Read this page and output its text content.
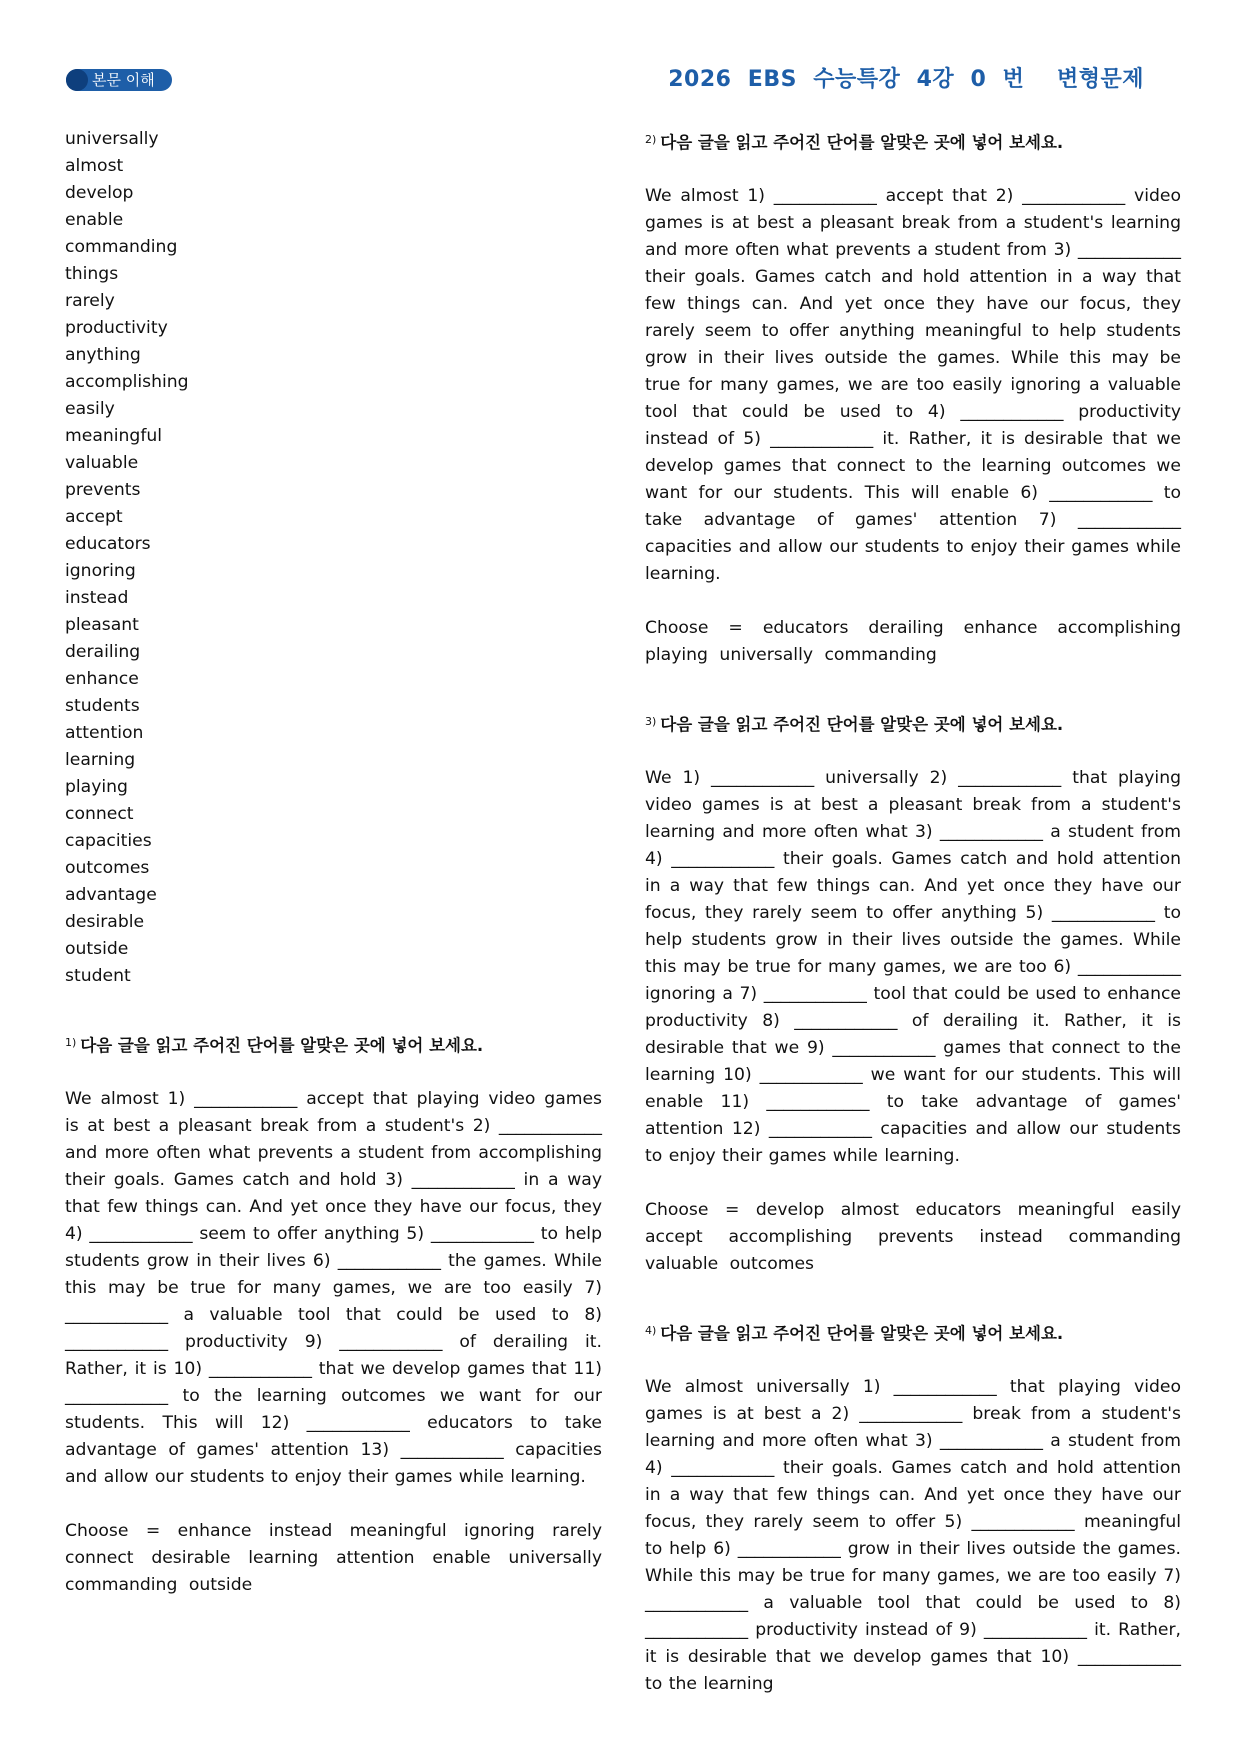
본문 이해	2026  EBS  수능특강  4강  0  번    변형문제
universally
almost
develop
enable
commanding
things
rarely
productivity
anything
accomplishing
easily
meaningful
valuable
prevents
accept
educators
ignoring
instead
pleasant
derailing
enhance
students
attention
learning
playing
connect
capacities
outcomes
advantage
desirable
outside
student
$^{1)}$ 다음 글을 읽고 주어진 단어를 알맞은 곳에 넣어 보세요.
We almost 1) ____________ accept that playing video games is at best a pleasant break from a student's 2) ____________ and more often what prevents a student from accomplishing their goals. Games catch and hold 3) ____________ in a way that few things can. And yet once they have our focus, they 4) ____________ seem to offer anything 5) ____________ to help students grow in their lives 6) ____________ the games. While this may be true for many games, we are too easily 7) ____________ a valuable tool that could be used to 8) ____________ productivity 9) ____________ of derailing it. Rather, it is 10) ____________ that we develop games that 11) ____________ to the learning outcomes we want for our students. This will 12) ____________ educators to take advantage of games' attention 13) ____________ capacities and allow our students to enjoy their games while learning.
Choose = enhance instead meaningful ignoring rarely connect desirable learning attention enable universally commanding outside
$^{2)}$ 다음 글을 읽고 주어진 단어를 알맞은 곳에 넣어 보세요.
We almost 1) ____________ accept that 2) ____________ video games is at best a pleasant break from a student's learning and more often what prevents a student from 3) ____________ their goals. Games catch and hold attention in a way that few things can. And yet once they have our focus, they rarely seem to offer anything meaningful to help students grow in their lives outside the games. While this may be true for many games, we are too easily ignoring a valuable tool that could be used to 4) ____________ productivity instead of 5) ____________ it. Rather, it is desirable that we develop games that connect to the learning outcomes we want for our students. This will enable 6) ____________ to take advantage of games' attention 7) ____________ capacities and allow our students to enjoy their games while learning.
Choose = educators derailing enhance accomplishing playing universally commanding
$^{3)}$ 다음 글을 읽고 주어진 단어를 알맞은 곳에 넣어 보세요.
We 1) ____________ universally 2) ____________ that playing video games is at best a pleasant break from a student's learning and more often what 3) ____________ a student from 4) ____________ their goals. Games catch and hold attention in a way that few things can. And yet once they have our focus, they rarely seem to offer anything 5) ____________ to help students grow in their lives outside the games. While this may be true for many games, we are too 6) ____________ ignoring a 7) ____________ tool that could be used to enhance productivity 8) ____________ of derailing it. Rather, it is desirable that we 9) ____________ games that connect to the learning 10) ____________ we want for our students. This will enable 11) ____________ to take advantage of games' attention 12) ____________ capacities and allow our students to enjoy their games while learning.
Choose = develop almost educators meaningful easily accept accomplishing prevents instead commanding valuable outcomes
$^{4)}$ 다음 글을 읽고 주어진 단어를 알맞은 곳에 넣어 보세요.
We almost universally 1) ____________ that playing video games is at best a 2) ____________ break from a student's learning and more often what 3) ____________ a student from 4) ____________ their goals. Games catch and hold attention in a way that few things can. And yet once they have our focus, they rarely seem to offer 5) ____________ meaningful to help 6) ____________ grow in their lives outside the games. While this may be true for many games, we are too easily 7) ____________ a valuable tool that could be used to 8) ____________ productivity instead of 9) ____________ it. Rather, it is desirable that we develop games that 10) ____________ to the learning
